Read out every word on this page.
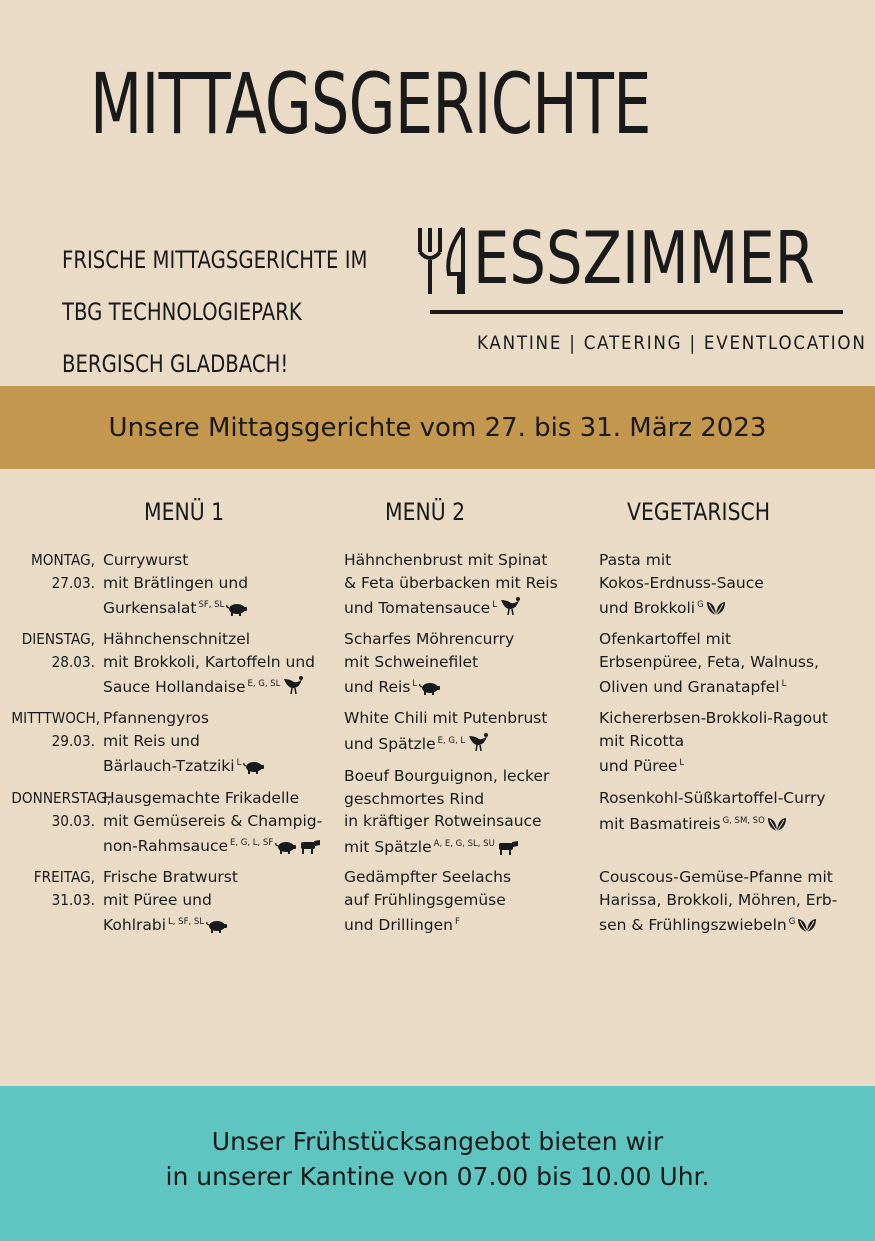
MITTAGSGERICHTE
FRISCHE MITTAGSGERICHTE IM
TBG TECHNOLOGIEPARK
BERGISCH GLADBACH!
ESSZIMMER
KANTINE | CATERING | EVENTLOCATION
Unsere Mittagsgerichte vom 27. bis 31. März 2023
MENÜ 1	MENÜ 2	VEGETARISCH
MONTAG,
27.03.
Currywurst
mit Brätlingen und
Gurkensalat $^{SF, SL}$
Hähnchenbrust mit Spinat
& Feta überbacken mit Reis
und Tomatensauce $^L$
Pasta mit
Kokos-Erdnuss-Sauce
und Brokkoli $^G$
DIENSTAG,
28.03.
Hähnchenschnitzel
mit Brokkoli, Kartoffeln und
Sauce Hollandaise $^{E, G, SL}$
Scharfes Möhrencurry
mit Schweinefilet
und Reis $^L$
Ofenkartoffel mit
Erbsenpüree, Feta, Walnuss,
Oliven und Granatapfel $^L$
MITTTWOCH,
29.03.
Pfannengyros
mit Reis und
Bärlauch-Tzatziki $^L$
White Chili mit Putenbrust
und Spätzle $^{E, G, L}$
Kichererbsen-Brokkoli-Ragout
mit Ricotta
und Püree $^L$
DONNERSTAG,
30.03.
Hausgemachte Frikadelle
mit Gemüsereis & Champig-
non-Rahmsauce $^{E, G, L, SF}$
Boeuf Bourguignon, lecker
geschmortes Rind
in kräftiger Rotweinsauce
mit Spätzle $^{A, E, G, SL, SU}$
Rosenkohl-Süßkartoffel-Curry
mit Basmatireis $^{G, SM, SO}$
FREITAG,
31.03.
Frische Bratwurst
mit Püree und
Kohlrabi $^{L, SF, SL}$
Gedämpfter Seelachs
auf Frühlingsgemüse
und Drillingen $^F$
Couscous-Gemüse-Pfanne mit
Harissa, Brokkoli, Möhren, Erb-
sen & Frühlingszwiebeln $^G$
Unser Frühstücksangebot bieten wir
in unserer Kantine von 07.00 bis 10.00 Uhr.
